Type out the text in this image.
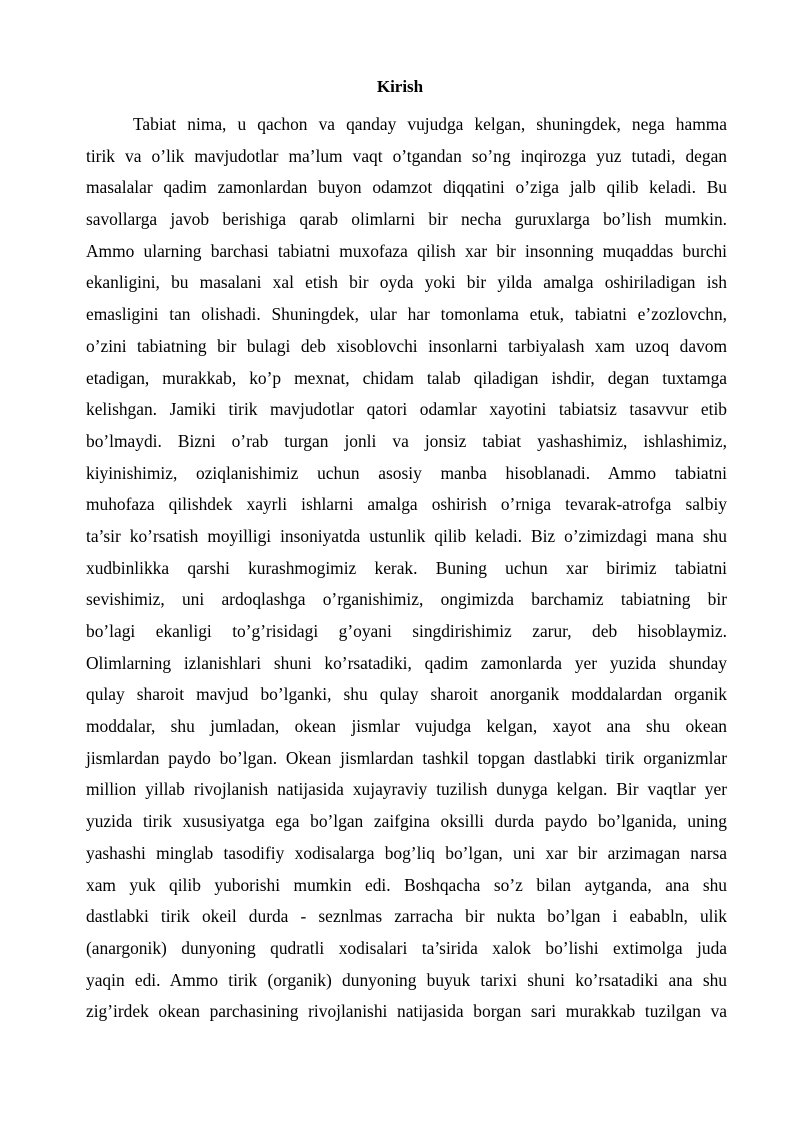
Kirish
Tabiat nima, u qachon va qanday vujudga kelgan, shuningdek, nega hamma
tirik va o’lik mavjudotlar ma’lum vaqt o’tgandan so’ng inqirozga yuz tutadi, degan
masalalar qadim zamonlardan buyon odamzot diqqatini o’ziga jalb qilib keladi. Bu
savollarga javob berishiga qarab olimlarni bir necha guruxlarga bo’lish mumkin.
Ammo ularning barchasi tabiatni muxofaza qilish xar bir insonning muqaddas burchi
ekanligini, bu masalani xal etish bir oyda yoki bir yilda amalga oshiriladigan ish
emasligini tan olishadi. Shuningdek, ular har tomonlama etuk, tabiatni e’zozlovchn,
o’zini tabiatning bir bulagi deb xisoblovchi insonlarni tarbiyalash xam uzoq davom
etadigan, murakkab, ko’p mexnat, chidam talab qiladigan ishdir, degan tuxtamga
kelishgan. Jamiki tirik mavjudotlar qatori odamlar xayotini tabiatsiz tasavvur etib
bo’lmaydi. Bizni o’rab turgan jonli va jonsiz tabiat yashashimiz, ishlashimiz,
kiyinishimiz, oziqlanishimiz uchun asosiy manba hisoblanadi. Ammo tabiatni
muhofaza qilishdek xayrli ishlarni amalga oshirish o’rniga tevarak-atrofga salbiy
ta’sir ko’rsatish moyilligi insoniyatda ustunlik qilib keladi. Biz o’zimizdagi mana shu
xudbinlikka qarshi kurashmogimiz kerak. Buning uchun xar birimiz tabiatni
sevishimiz, uni ardoqlashga o’rganishimiz, ongimizda barchamiz tabiatning bir
bo’lagi ekanligi to’g’risidagi g’oyani singdirishimiz zarur, deb hisoblaymiz.
Olimlarning izlanishlari shuni ko’rsatadiki, qadim zamonlarda yer yuzida shunday
qulay sharoit mavjud bo’lganki, shu qulay sharoit anorganik moddalardan organik
moddalar, shu jumladan, okean jismlar vujudga kelgan, xayot ana shu okean
jismlardan paydo bo’lgan. Okean jismlardan tashkil topgan dastlabki tirik organizmlar
million yillab rivojlanish natijasida xujayraviy tuzilish dunyga kelgan. Bir vaqtlar yer
yuzida tirik xususiyatga ega bo’lgan zaifgina oksilli durda paydo bo’lganida, uning
yashashi minglab tasodifiy xodisalarga bog’liq bo’lgan, uni xar bir arzimagan narsa
xam yuk qilib yuborishi mumkin edi. Boshqacha so’z bilan aytganda, ana shu
dastlabki tirik okeil durda - seznlmas zarracha bir nukta bo’lgan i eababln, ulik
(anargonik) dunyoning qudratli xodisalari ta’sirida xalok bo’lishi extimolga juda
yaqin edi. Ammo tirik (organik) dunyoning buyuk tarixi shuni ko’rsatadiki ana shu
zig’irdek okean parchasining rivojlanishi natijasida borgan sari murakkab tuzilgan va
